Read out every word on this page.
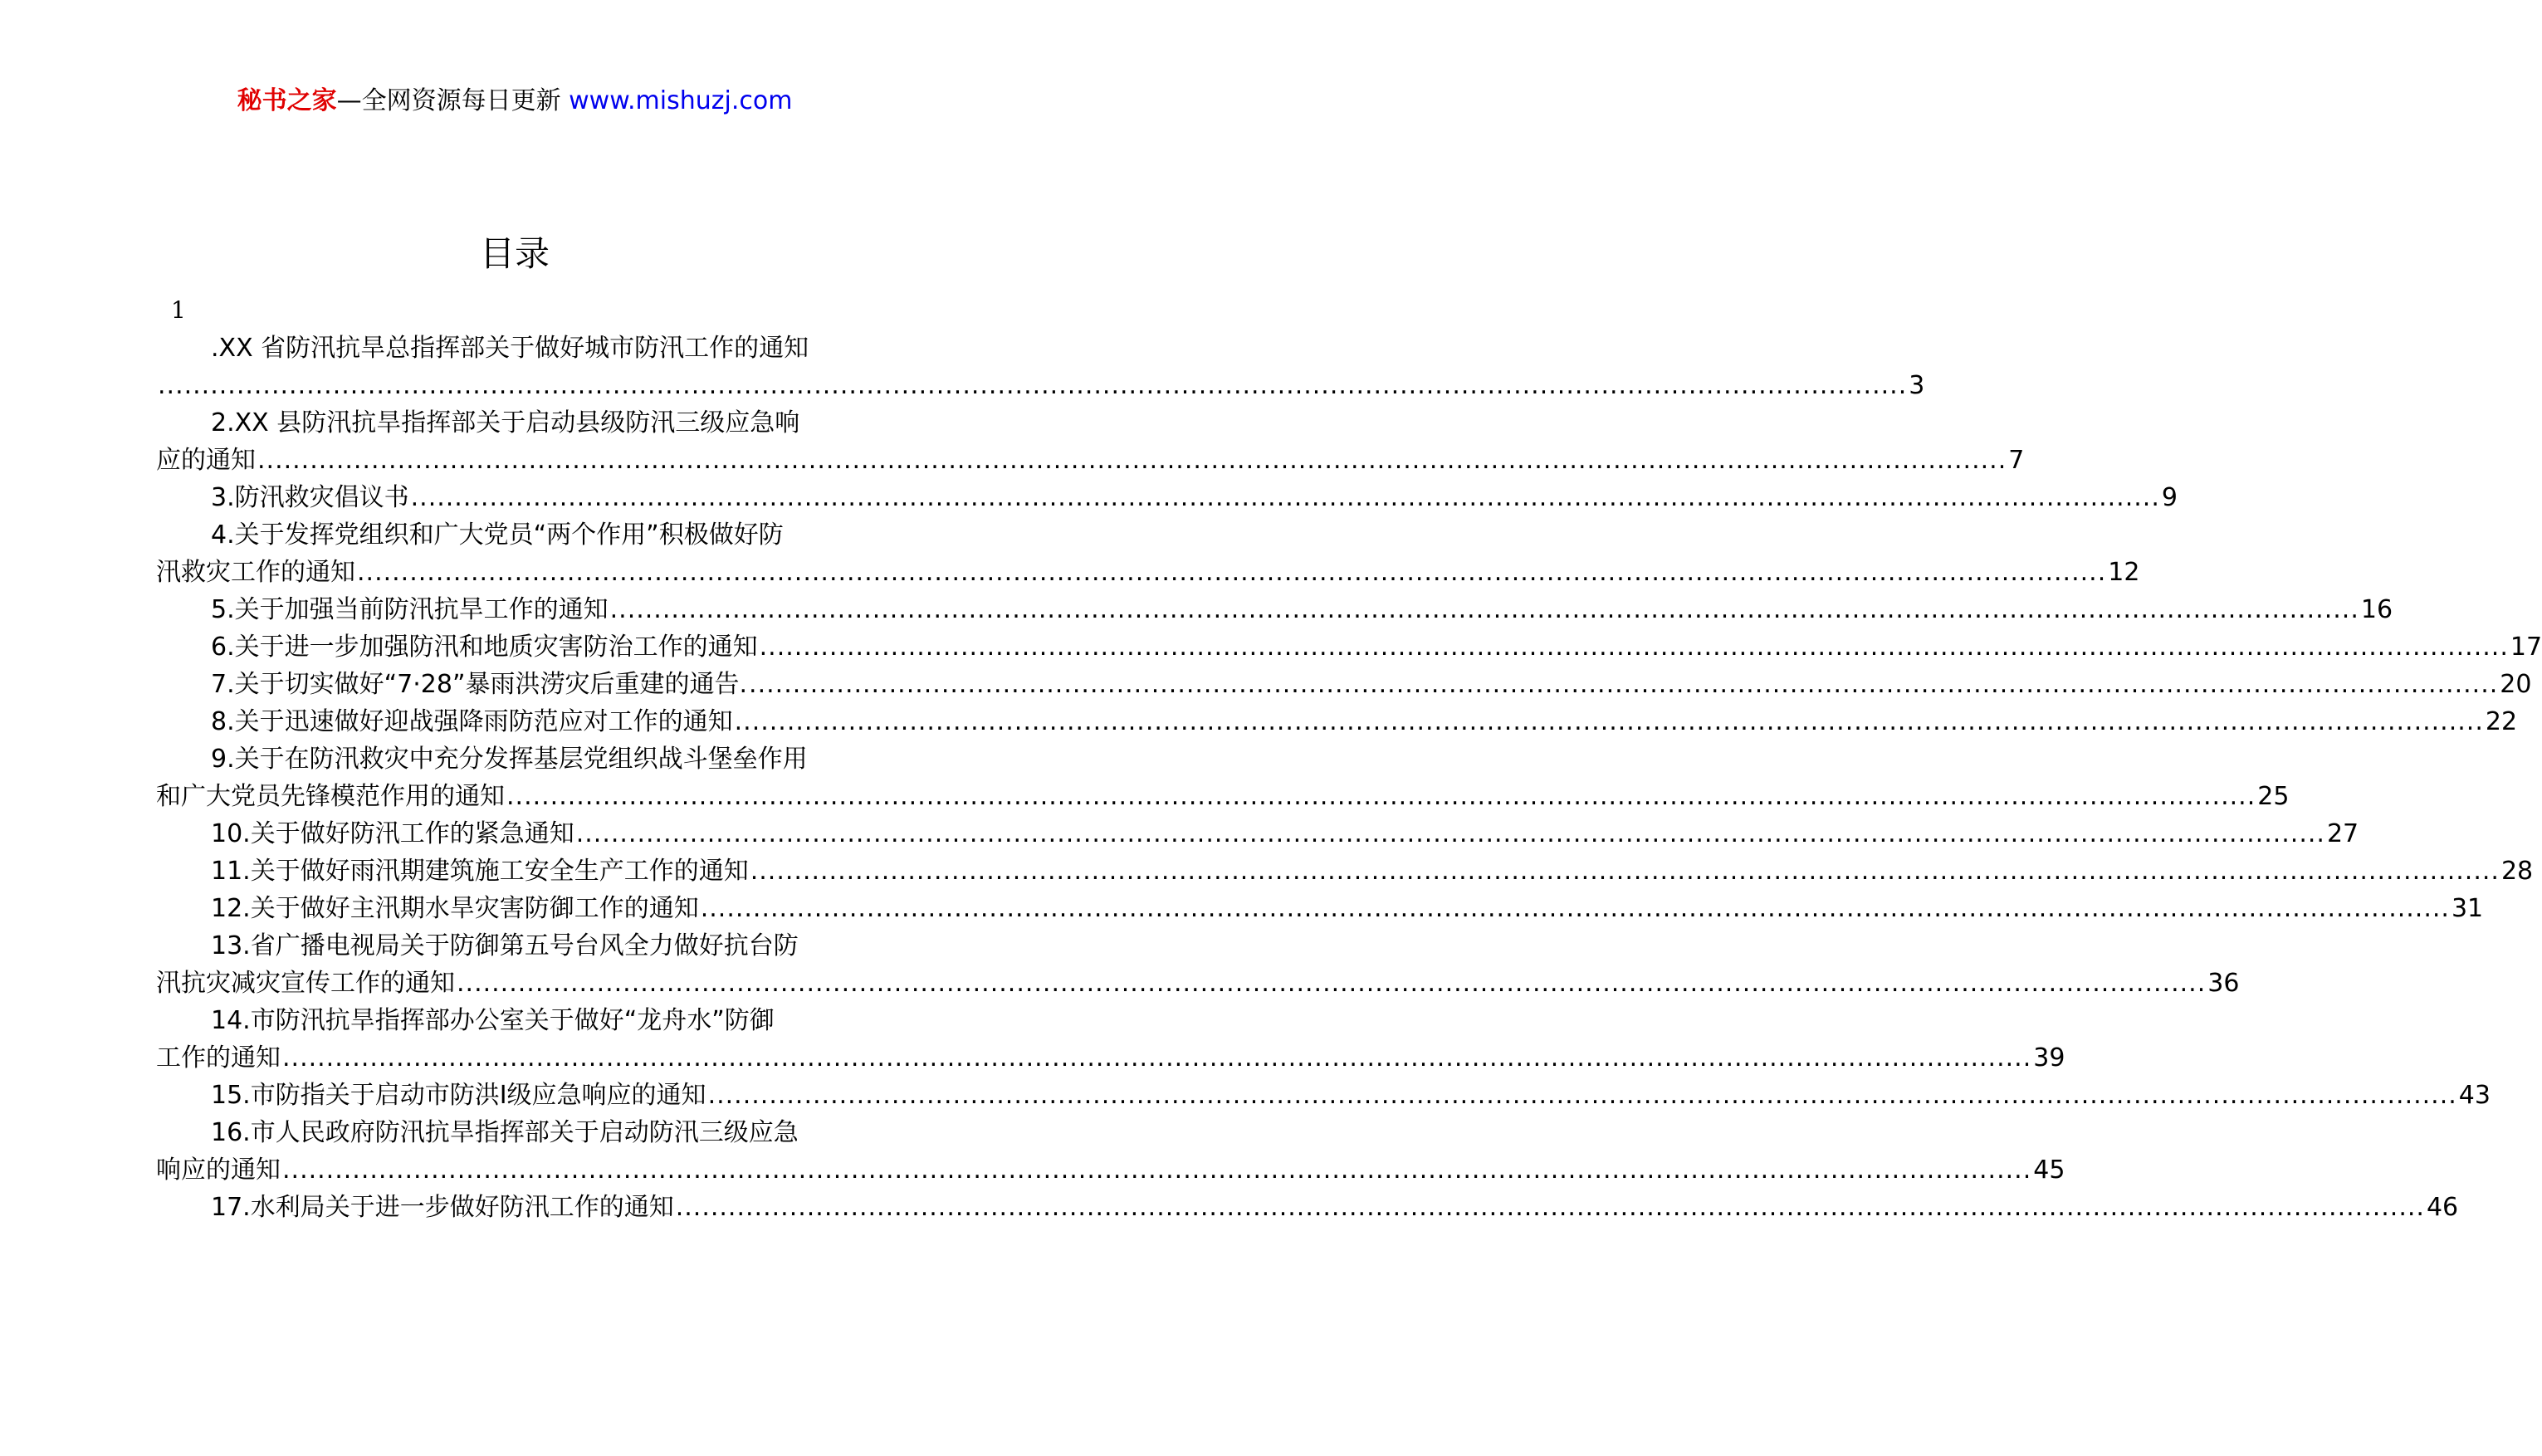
秘书之家—全网资源每日更新 www.mishuzj.com
目录
1
.XX 省防汛抗旱总指挥部关于做好城市防汛工作的通知
........................................................................................................................................................................................................ 3
2.XX 县防汛抗旱指挥部关于启动县级防汛三级应急响
应的通知 ........................................................................................................................................................................................................ 7
3.防汛救灾倡议书 ........................................................................................................................................................................................................ 9
4.关于发挥党组织和广大党员“两个作用”积极做好防
汛救灾工作的通知 ........................................................................................................................................................................................................ 12
5.关于加强当前防汛抗旱工作的通知 ........................................................................................................................................................................................................ 16
6.关于进一步加强防汛和地质灾害防治工作的通知 ........................................................................................................................................................................................................ 17
7.关于切实做好“7·28”暴雨洪涝灾后重建的通告. ........................................................................................................................................................................................................ 20
8.关于迅速做好迎战强降雨防范应对工作的通知 ........................................................................................................................................................................................................ 22
9.关于在防汛救灾中充分发挥基层党组织战斗堡垒作用
和广大党员先锋模范作用的通知 ........................................................................................................................................................................................................ 25
10.关于做好防汛工作的紧急通知 ........................................................................................................................................................................................................ 27
11.关于做好雨汛期建筑施工安全生产工作的通知 ........................................................................................................................................................................................................ 28
12.关于做好主汛期水旱灾害防御工作的通知 ........................................................................................................................................................................................................ 31
13.省广播电视局关于防御第五号台风全力做好抗台防
汛抗灾减灾宣传工作的通知 ........................................................................................................................................................................................................ 36
14.市防汛抗旱指挥部办公室关于做好“龙舟水”防御
工作的通知 ........................................................................................................................................................................................................ 39
15.市防指关于启动市防洪Ⅰ级应急响应的通知 ........................................................................................................................................................................................................ 43
16.市人民政府防汛抗旱指挥部关于启动防汛三级应急
响应的通知 ........................................................................................................................................................................................................ 45
17.水利局关于进一步做好防汛工作的通知 ........................................................................................................................................................................................................ 46
